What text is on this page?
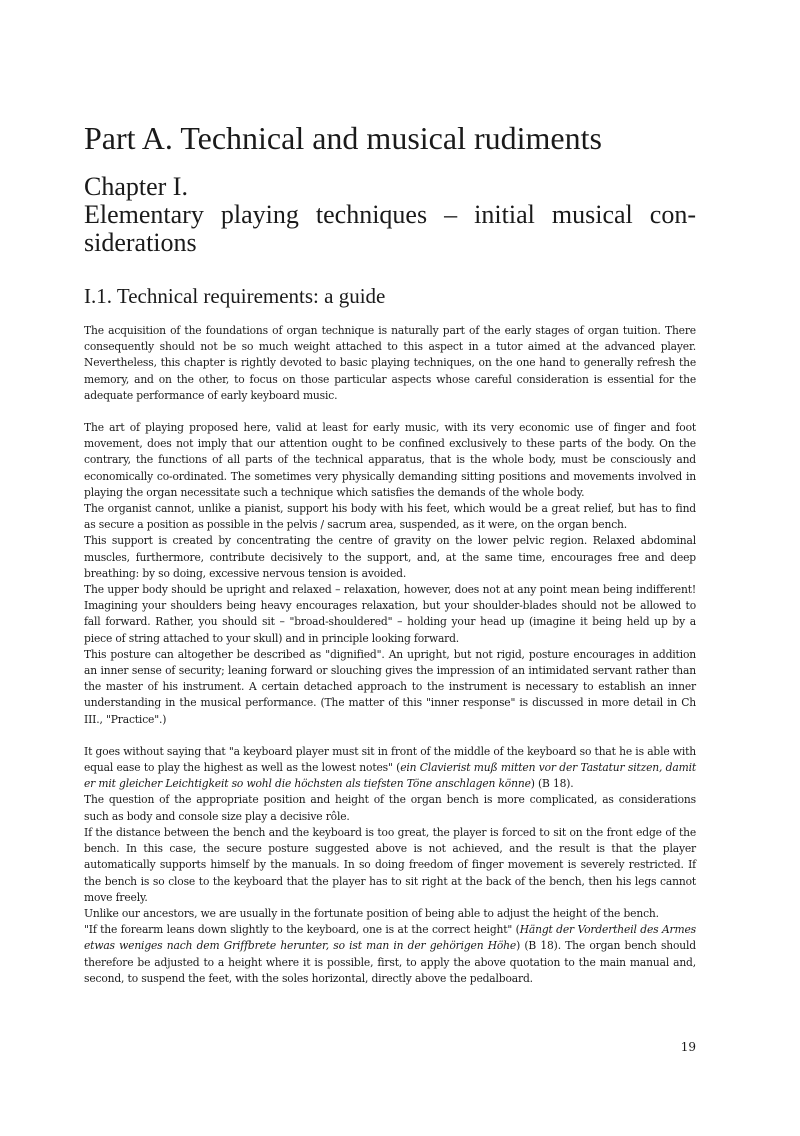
Part A. Technical and musical rudiments
Chapter I.
Elementary playing techniques – initial musical con-
siderations
I.1. Technical requirements: a guide

The acquisition of the foundations of organ technique is naturally part of the early stages of organ tuition. There consequently should not be so much weight attached to this aspect in a tutor aimed at the advanced player. Nevertheless, this chapter is rightly devoted to basic playing techniques, on the one hand to generally refresh the memory, and on the other, to focus on those particular aspects whose careful consideration is essential for the adequate performance of early keyboard music.

The art of playing proposed here, valid at least for early music, with its very economic use of finger and foot movement, does not imply that our attention ought to be confined exclusively to these parts of the body. On the contrary, the functions of all parts of the technical apparatus, that is the whole body, must be consciously and economically co-ordinated. The sometimes very physically demanding sitting positions and movements involved in playing the organ necessitate such a technique which satisfies the demands of the whole body.

The organist cannot, unlike a pianist, support his body with his feet, which would be a great relief, but has to find as secure a position as possible in the pelvis / sacrum area, suspended, as it were, on the organ bench.

This support is created by concentrating the centre of gravity on the lower pelvic region. Relaxed abdominal muscles, furthermore, contribute decisively to the support, and, at the same time, encourages free and deep breathing: by so doing, excessive nervous tension is avoided.

The upper body should be upright and relaxed – relaxation, however, does not at any point mean being indifferent! Imagining your shoulders being heavy encourages relaxation, but your shoulder-blades should not be allowed to fall forward. Rather, you should sit – "broad-shouldered" – holding your head up (imagine it being held up by a piece of string attached to your skull) and in principle looking forward.

This posture can altogether be described as "dignified". An upright, but not rigid, posture encourages in addition an inner sense of security; leaning forward or slouching gives the impression of an intimidated servant rather than the master of his instrument. A certain detached approach to the instrument is necessary to establish an inner understanding in the musical performance. (The matter of this "inner response" is discussed in more detail in Ch III., "Practice".)

It goes without saying that "a keyboard player must sit in front of the middle of the keyboard so that he is able with equal ease to play the highest as well as the lowest notes" (ein Clavierist muß mitten vor der Tastatur sitzen, damit er mit gleicher Leichtigkeit so wohl die höchsten als tiefsten Töne anschlagen könne) (B 18).

The question of the appropriate position and height of the organ bench is more complicated, as considerations such as body and console size play a decisive rôle.

If the distance between the bench and the keyboard is too great, the player is forced to sit on the front edge of the bench. In this case, the secure posture suggested above is not achieved, and the result is that the player automatically supports himself by the manuals. In so doing freedom of finger movement is severely restricted. If the bench is so close to the keyboard that the player has to sit right at the back of the bench, then his legs cannot move freely.

Unlike our ancestors, we are usually in the fortunate position of being able to adjust the height of the bench.

"If the forearm leans down slightly to the keyboard, one is at the correct height" (Hängt der Vordertheil des Armes etwas weniges nach dem Griffbrete herunter, so ist man in der gehörigen Höhe) (B 18). The organ bench should therefore be adjusted to a height where it is possible, first, to apply the above quotation to the main manual and, second, to suspend the feet, with the soles horizontal, directly above the pedalboard.

19
